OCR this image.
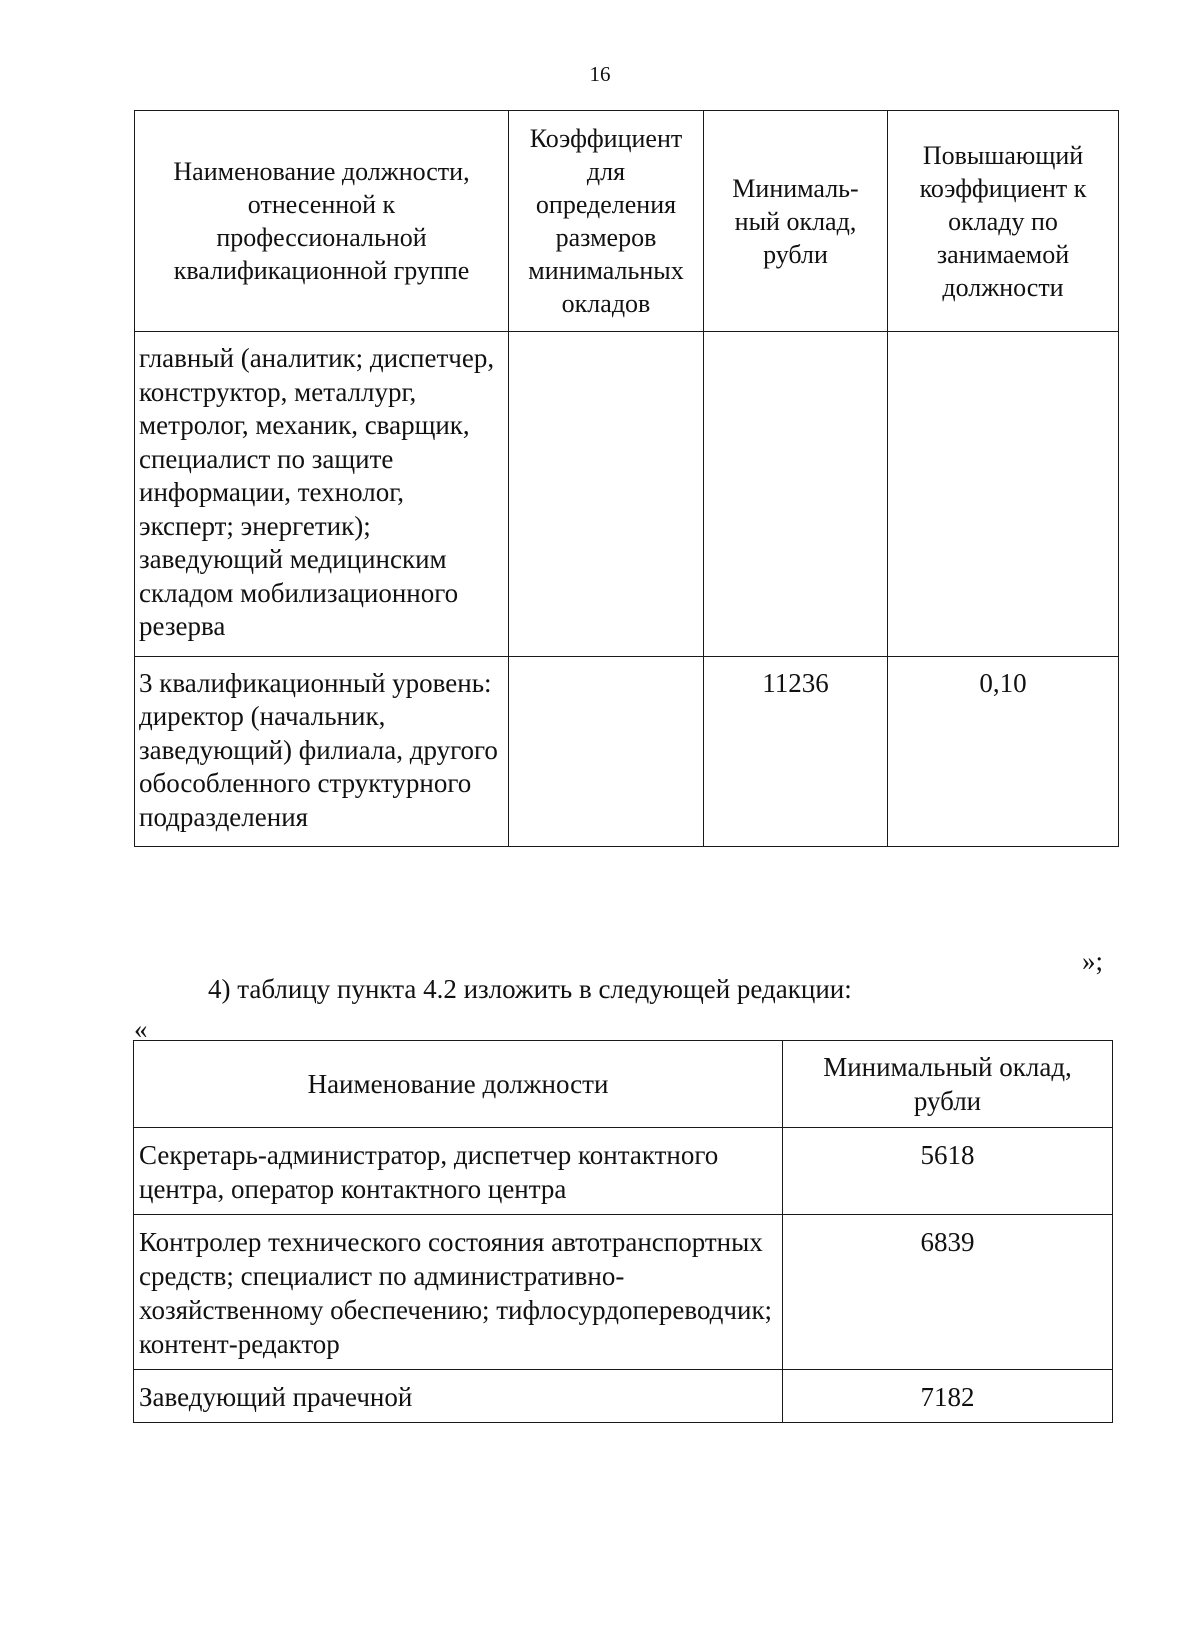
16
Наименование должности, отнесенной к профессиональной квалификационной группе	Коэффициент для определения размеров минимальных окладов	Минималь-ный оклад, рубли	Повышающий коэффициент к окладу по занимаемой должности
главный (аналитик; диспетчер, конструктор, металлург, метролог, механик, сварщик, специалист по защите информации, технолог, эксперт; энергетик); заведующий медицинским складом мобилизационного резерва			
3 квалификационный уровень: директор (начальник, заведующий) филиала, другого обособленного структурного подразделения		11236	0,10
»;
4) таблицу пункта 4.2 изложить в следующей редакции:
«
Наименование должности	Минимальный оклад, рубли
Секретарь-администратор, диспетчер контактного центра, оператор контактного центра	5618
Контролер технического состояния автотранспортных средств; специалист по административно-хозяйственному обеспечению; тифлосурдопереводчик; контент-редактор	6839
Заведующий прачечной	7182
